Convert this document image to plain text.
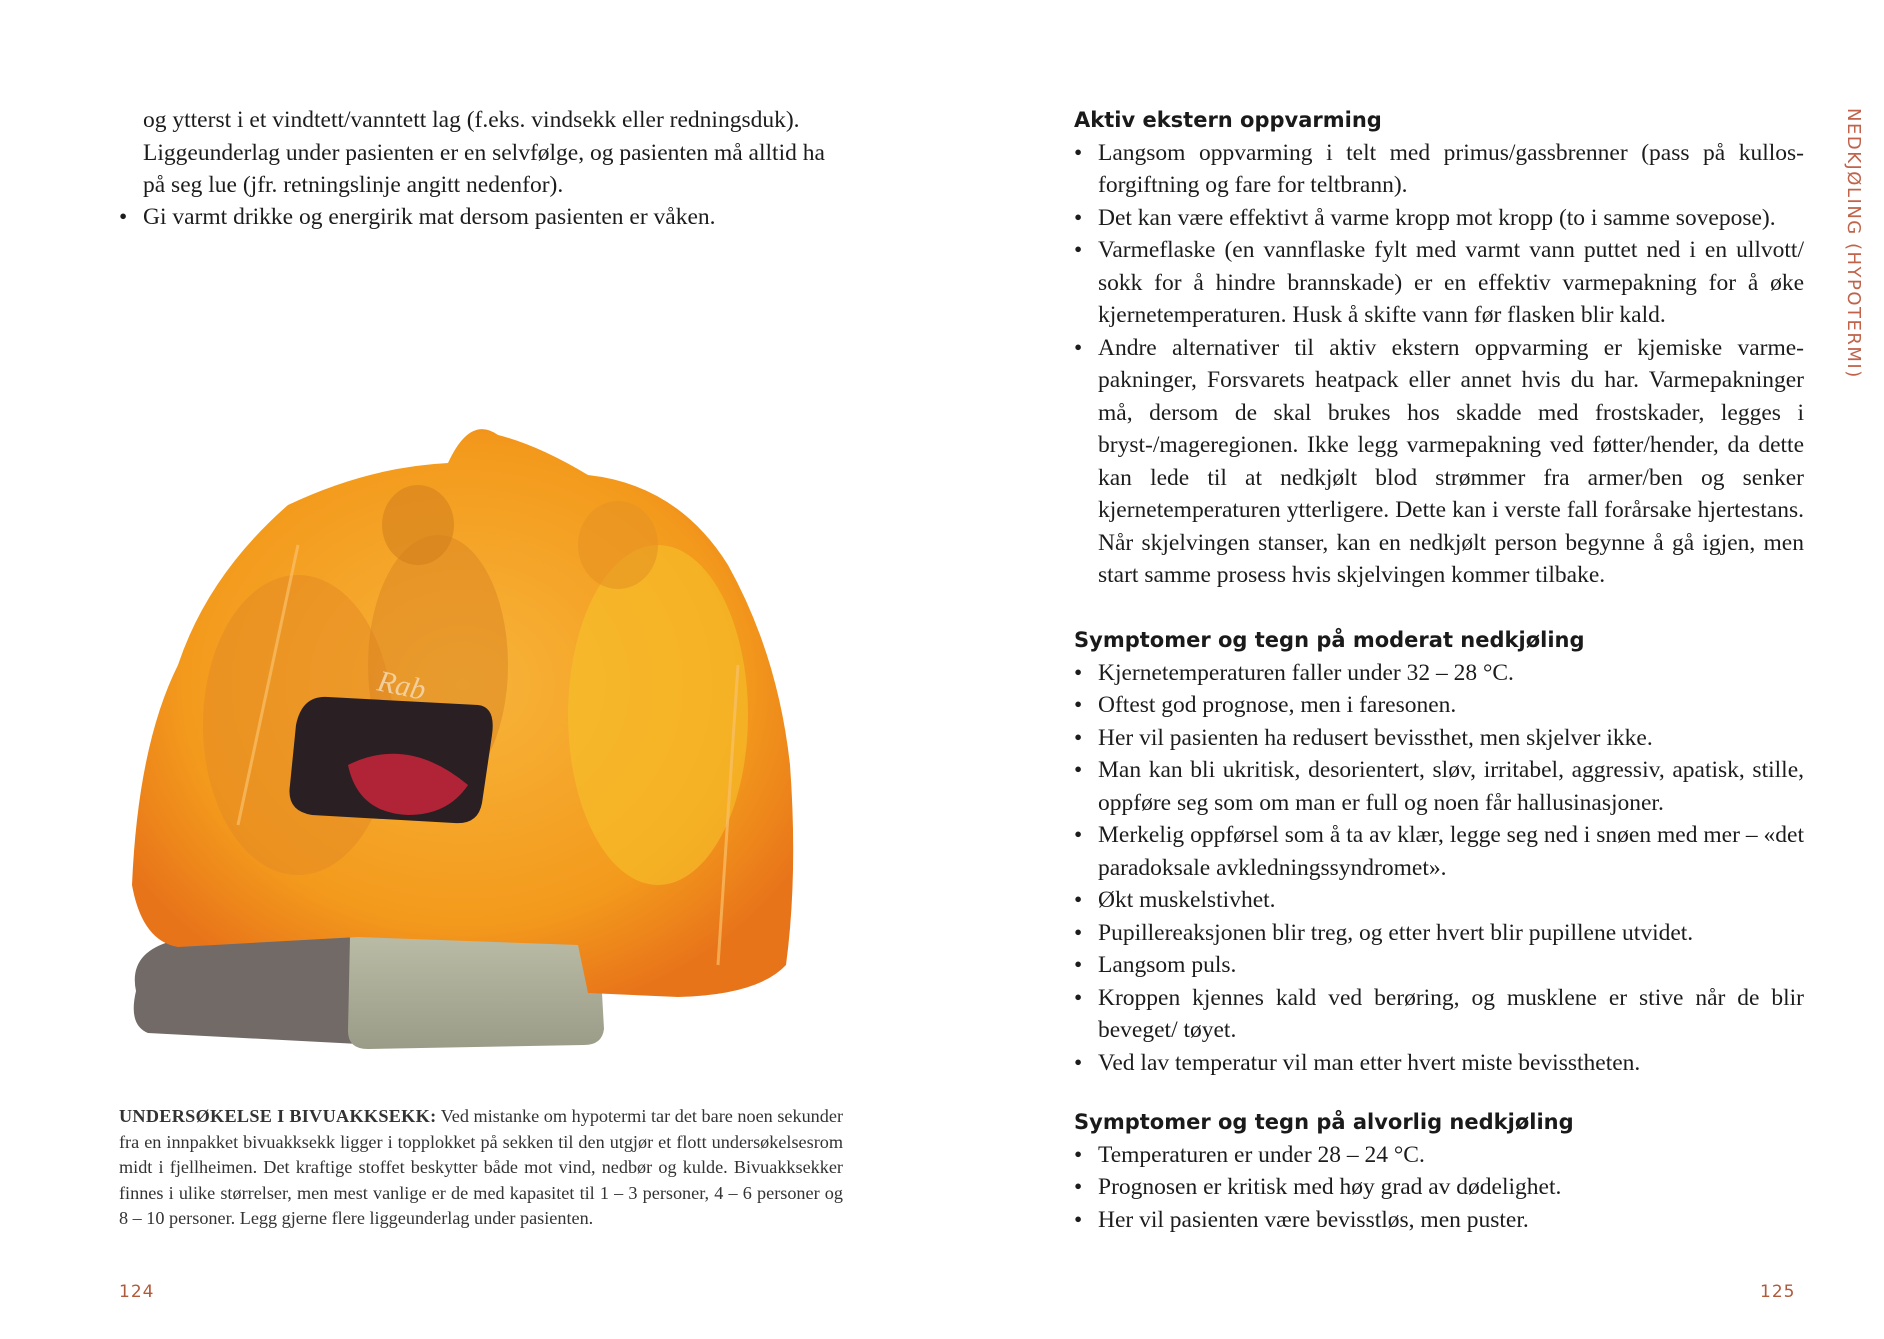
og ytterst i et vindtett/vanntett lag (f.eks. vindsekk eller redningsduk).
Liggeunderlag under pasienten er en selvfølge, og pasienten må alltid ha
på seg lue (jfr. retningslinje angitt nedenfor).
• Gi varmt drikke og energirik mat dersom pasienten er våken.
Rab

UNDERSØKELSE I BIVUAKKSEKK: Ved mistanke om hypotermi tar det bare noen sekunder fra en innpakket bivuakksekk ligger i topplokket på sekken til den utgjør et flott undersøkelsesrom midt i fjellheimen. Det kraftige stoffet beskytter både mot vind, nedbør og kulde. Bivuakksekker finnes i ulike størrelser, men mest vanlige er de med kapasitet til 1 – 3 personer, 4 – 6 personer og 8 – 10 personer. Legg gjerne flere liggeunderlag under pasienten.

124
NEDKJØLING (HYPOTERMI)
125
Aktiv ekstern oppvarming
• Langsom oppvarming i telt med primus/gassbrenner (pass på kullosforgiftning og fare for teltbrann).
• Det kan være effektivt å varme kropp mot kropp (to i samme sovepose).
• Varmeflaske (en vannflaske fylt med varmt vann puttet ned i en ullvott/ sokk for å hindre brannskade) er en effektiv varmepakning for å øke kjernetemperaturen. Husk å skifte vann før flasken blir kald.
• Andre alternativer til aktiv ekstern oppvarming er kjemiske varme-pakninger, Forsvarets heatpack eller annet hvis du har. Varmepakninger må, dersom de skal brukes hos skadde med frostskader, legges i bryst-/mageregionen. Ikke legg varmepakning ved føtter/hender, da dette kan lede til at nedkjølt blod strømmer fra armer/ben og senker kjernetemperaturen ytterligere. Dette kan i verste fall forårsake hjertestans. Når skjelvingen stanser, kan en nedkjølt person begynne å gå igjen, men start samme prosess hvis skjelvingen kommer tilbake.
Symptomer og tegn på moderat nedkjøling
• Kjernetemperaturen faller under 32 – 28 °C.
• Oftest god prognose, men i faresonen.
• Her vil pasienten ha redusert bevissthet, men skjelver ikke.
• Man kan bli ukritisk, desorientert, sløv, irritabel, aggressiv, apatisk, stille, oppføre seg som om man er full og noen får hallusinasjoner.
• Merkelig oppførsel som å ta av klær, legge seg ned i snøen med mer – «det paradoksale avkledningssyndromet».
• Økt muskelstivhet.
• Pupillereaksjonen blir treg, og etter hvert blir pupillene utvidet.
• Langsom puls.
• Kroppen kjennes kald ved berøring, og musklene er stive når de blir beveget/ tøyet.
• Ved lav temperatur vil man etter hvert miste bevisstheten.
Symptomer og tegn på alvorlig nedkjøling
• Temperaturen er under 28 – 24 °C.
• Prognosen er kritisk med høy grad av dødelighet.
• Her vil pasienten være bevisstløs, men puster.
